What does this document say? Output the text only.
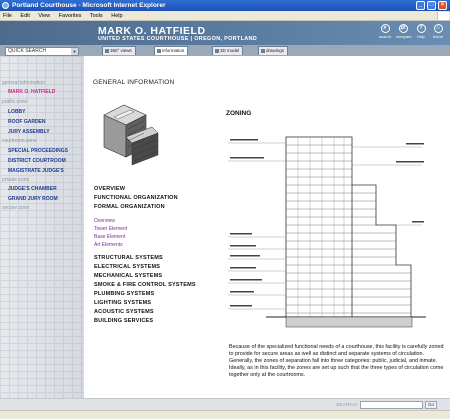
Portland Courthouse - Microsoft Internet Explorer	_	□	×
File Edit View Favorites Tools Help
MARK O. HATFIELD
UNITED STATES COURTHOUSE | OREGON, PORTLAND
⌕
search
⇄
compare
?
help
⌂
home
360° views	information	3D model	drawings
QUICK SEARCH	▼
general information
MARK O. HATFIELD
public zone
LOBBY
ROOF GARDEN
JURY ASSEMBLY
courtroom zone
SPECIAL PROCEEDINGS
DISTRICT COURTROOM
MAGISTRATE JUDGE'S
private zone
JUDGE'S CHAMBER
GRAND JURY ROOM
secure zone
GENERAL INFORMATION
ZONING
OVERVIEW
FUNCTIONAL ORGANIZATION
FORMAL ORGANIZATION
Overview
Tower Element
Base Element
Art Elements
STRUCTURAL SYSTEMS
ELECTRICAL SYSTEMS
MECHANICAL SYSTEMS
SMOKE & FIRE CONTROL SYSTEMS
PLUMBING SYSTEMS
LIGHTING SYSTEMS
ACOUSTIC SYSTEMS
BUILDING SERVICES
Because of the specialized functional needs of a courthouse, this facility is carefully zoned to provide for secure areas as well as distinct and separate systems of circulation. Generally, the zones of separation fall into three categories: public, judicial, and inmate. Ideally, as in this facility, the zones are set up such that the three types of circulation come together only at the courtrooms.
SEARCH	Go
